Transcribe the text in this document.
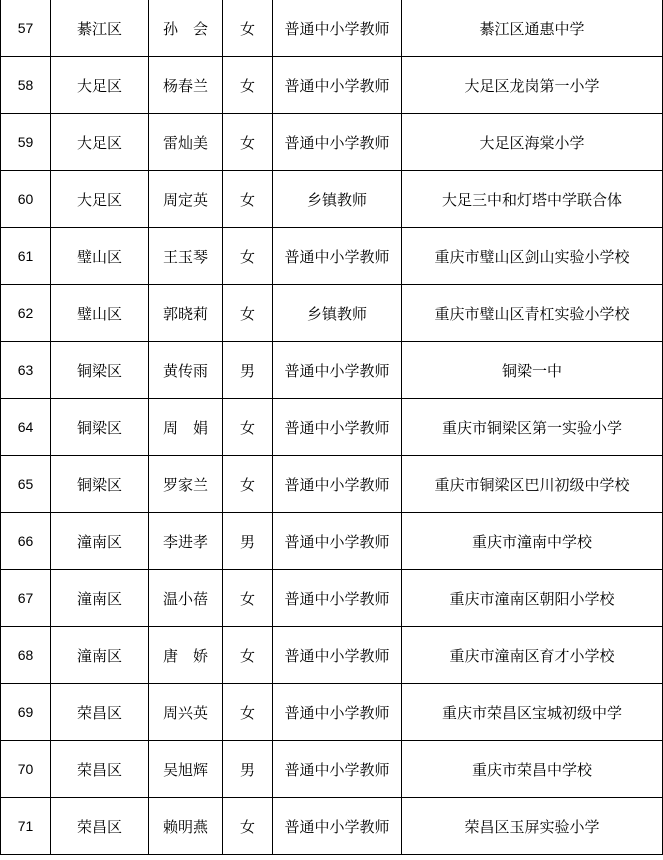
57	綦江区	孙　会	女	普通中小学教师	綦江区通惠中学
58	大足区	杨春兰	女	普通中小学教师	大足区龙岗第一小学
59	大足区	雷灿美	女	普通中小学教师	大足区海棠小学
60	大足区	周定英	女	乡镇教师	大足三中和灯塔中学联合体
61	璧山区	王玉琴	女	普通中小学教师	重庆市璧山区剑山实验小学校
62	璧山区	郭晓莉	女	乡镇教师	重庆市璧山区青杠实验小学校
63	铜梁区	黄传雨	男	普通中小学教师	铜梁一中
64	铜梁区	周　娟	女	普通中小学教师	重庆市铜梁区第一实验小学
65	铜梁区	罗家兰	女	普通中小学教师	重庆市铜梁区巴川初级中学校
66	潼南区	李进孝	男	普通中小学教师	重庆市潼南中学校
67	潼南区	温小蓓	女	普通中小学教师	重庆市潼南区朝阳小学校
68	潼南区	唐　娇	女	普通中小学教师	重庆市潼南区育才小学校
69	荣昌区	周兴英	女	普通中小学教师	重庆市荣昌区宝城初级中学
70	荣昌区	吴旭辉	男	普通中小学教师	重庆市荣昌中学校
71	荣昌区	赖明燕	女	普通中小学教师	荣昌区玉屏实验小学
